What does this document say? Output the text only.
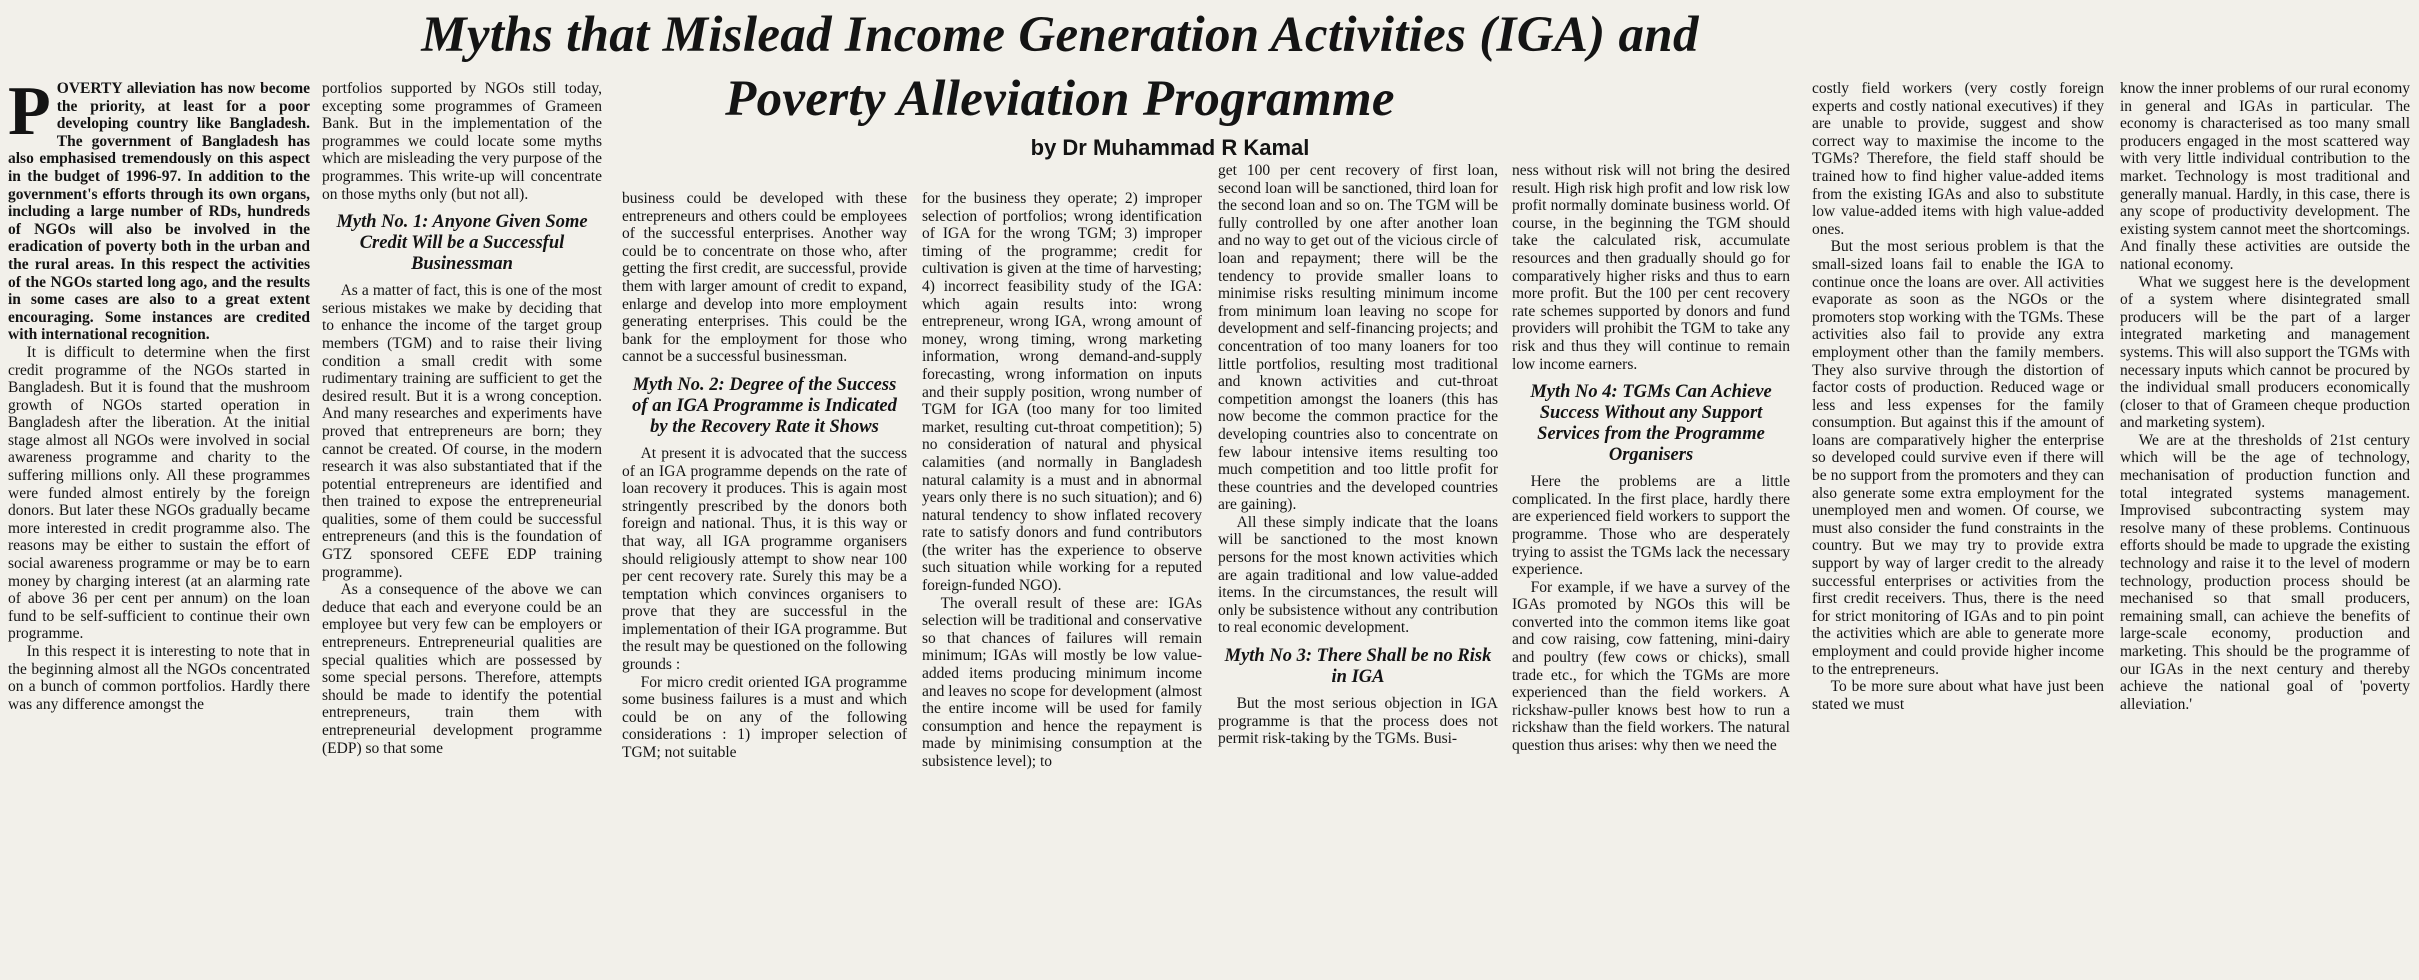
Myths that Mislead Income Generation Activities (IGA) and
Poverty Alleviation Programme
by Dr Muhammad R Kamal

POVERTY alleviation has now become the priority, at least for a poor developing country like Bangladesh. The government of Bangladesh has also emphasised tremendously on this aspect in the budget of 1996-97. In addition to the government's efforts through its own organs, including a large number of RDs, hundreds of NGOs will also be involved in the eradication of poverty both in the urban and the rural areas. In this respect the activities of the NGOs started long ago, and the results in some cases are also to a great extent encouraging. Some instances are credited with international recognition.

It is difficult to determine when the first credit programme of the NGOs started in Bangladesh. But it is found that the mushroom growth of NGOs started operation in Bangladesh after the liberation. At the initial stage almost all NGOs were involved in social awareness programme and charity to the suffering millions only. All these programmes were funded almost entirely by the foreign donors. But later these NGOs gradually became more interested in credit programme also. The reasons may be either to sustain the effort of social awareness programme or may be to earn money by charging interest (at an alarming rate of above 36 per cent per annum) on the loan fund to be self-sufficient to continue their own programme.

In this respect it is interesting to note that in the beginning almost all the NGOs concentrated on a bunch of common portfolios. Hardly there was any difference amongst the

portfolios supported by NGOs still today, excepting some programmes of Grameen Bank. But in the implementation of the programmes we could locate some myths which are misleading the very purpose of the programmes. This write-up will concentrate on those myths only (but not all).

Myth No. 1: Anyone Given Some Credit Will be a Successful Businessman

As a matter of fact, this is one of the most serious mistakes we make by deciding that to enhance the income of the target group members (TGM) and to raise their living condition a small credit with some rudimentary training are sufficient to get the desired result. But it is a wrong conception. And many researches and experiments have proved that entrepreneurs are born; they cannot be created. Of course, in the modern research it was also substantiated that if the potential entrepreneurs are identified and then trained to expose the entrepreneurial qualities, some of them could be successful entrepreneurs (and this is the foundation of GTZ sponsored CEFE EDP training programme).

As a consequence of the above we can deduce that each and everyone could be an employee but very few can be employers or entrepreneurs. Entrepreneurial qualities are special qualities which are possessed by some special persons. Therefore, attempts should be made to identify the potential entrepreneurs, train them with entrepreneurial development programme (EDP) so that some

business could be developed with these entrepreneurs and others could be employees of the successful enterprises. Another way could be to concentrate on those who, after getting the first credit, are successful, provide them with larger amount of credit to expand, enlarge and develop into more employment generating enterprises. This could be the bank for the employment for those who cannot be a successful businessman.

Myth No. 2: Degree of the Success of an IGA Programme is Indicated by the Recovery Rate it Shows

At present it is advocated that the success of an IGA programme depends on the rate of loan recovery it produces. This is again most stringently prescribed by the donors both foreign and national. Thus, it is this way or that way, all IGA programme organisers should religiously attempt to show near 100 per cent recovery rate. Surely this may be a temptation which convinces organisers to prove that they are successful in the implementation of their IGA programme. But the result may be questioned on the following grounds :

For micro credit oriented IGA programme some business failures is a must and which could be on any of the following considerations : 1) improper selection of TGM; not suitable

for the business they operate; 2) improper selection of portfolios; wrong identification of IGA for the wrong TGM; 3) improper timing of the programme; credit for cultivation is given at the time of harvesting; 4) incorrect feasibility study of the IGA: which again results into: wrong entrepreneur, wrong IGA, wrong amount of money, wrong timing, wrong marketing information, wrong demand-and-supply forecasting, wrong information on inputs and their supply position, wrong number of TGM for IGA (too many for too limited market, resulting cut-throat competition); 5) no consideration of natural and physical calamities (and normally in Bangladesh natural calamity is a must and in abnormal years only there is no such situation); and 6) natural tendency to show inflated recovery rate to satisfy donors and fund contributors (the writer has the experience to observe such situation while working for a reputed foreign-funded NGO).

The overall result of these are: IGAs selection will be traditional and conservative so that chances of failures will remain minimum; IGAs will mostly be low value-added items producing minimum income and leaves no scope for development (almost the entire income will be used for family consumption and hence the repayment is made by minimising consumption at the subsistence level); to

get 100 per cent recovery of first loan, second loan will be sanctioned, third loan for the second loan and so on. The TGM will be fully controlled by one after another loan and no way to get out of the vicious circle of loan and repayment; there will be the tendency to provide smaller loans to minimise risks resulting minimum income from minimum loan leaving no scope for development and self-financing projects; and concentration of too many loaners for too little portfolios, resulting most traditional and known activities and cut-throat competition amongst the loaners (this has now become the common practice for the developing countries also to concentrate on few labour intensive items resulting too much competition and too little profit for these countries and the developed countries are gaining).

All these simply indicate that the loans will be sanctioned to the most known persons for the most known activities which are again traditional and low value-added items. In the circumstances, the result will only be subsistence without any contribution to real economic development.

Myth No 3: There Shall be no Risk in IGA

But the most serious objection in IGA programme is that the process does not permit risk-taking by the TGMs. Busi-

ness without risk will not bring the desired result. High risk high profit and low risk low profit normally dominate business world. Of course, in the beginning the TGM should take the calculated risk, accumulate resources and then gradually should go for comparatively higher risks and thus to earn more profit. But the 100 per cent recovery rate schemes supported by donors and fund providers will prohibit the TGM to take any risk and thus they will continue to remain low income earners.

Myth No 4: TGMs Can Achieve Success Without any Support Services from the Programme Organisers

Here the problems are a little complicated. In the first place, hardly there are experienced field workers to support the programme. Those who are desperately trying to assist the TGMs lack the necessary experience.

For example, if we have a survey of the IGAs promoted by NGOs this will be converted into the common items like goat and cow raising, cow fattening, mini-dairy and poultry (few cows or chicks), small trade etc., for which the TGMs are more experienced than the field workers. A rickshaw-puller knows best how to run a rickshaw than the field workers. The natural question thus arises: why then we need the

costly field workers (very costly foreign experts and costly national executives) if they are unable to provide, suggest and show correct way to maximise the income to the TGMs? Therefore, the field staff should be trained how to find higher value-added items from the existing IGAs and also to substitute low value-added items with high value-added ones.

But the most serious problem is that the small-sized loans fail to enable the IGA to continue once the loans are over. All activities evaporate as soon as the NGOs or the promoters stop working with the TGMs. These activities also fail to provide any extra employment other than the family members. They also survive through the distortion of factor costs of production. Reduced wage or less and less expenses for the family consumption. But against this if the amount of loans are comparatively higher the enterprise so developed could survive even if there will be no support from the promoters and they can also generate some extra employment for the unemployed men and women. Of course, we must also consider the fund constraints in the country. But we may try to provide extra support by way of larger credit to the already successful enterprises or activities from the first credit receivers. Thus, there is the need for strict monitoring of IGAs and to pin point the activities which are able to generate more employment and could provide higher income to the entrepreneurs.

To be more sure about what have just been stated we must

know the inner problems of our rural economy in general and IGAs in particular. The economy is characterised as too many small producers engaged in the most scattered way with very little individual contribution to the market. Technology is most traditional and generally manual. Hardly, in this case, there is any scope of productivity development. The existing system cannot meet the shortcomings. And finally these activities are outside the national economy.

What we suggest here is the development of a system where disintegrated small producers will be the part of a larger integrated marketing and management systems. This will also support the TGMs with necessary inputs which cannot be procured by the individual small producers economically (closer to that of Grameen cheque production and marketing system).

We are at the thresholds of 21st century which will be the age of technology, mechanisation of production function and total integrated systems management. Improvised subcontracting system may resolve many of these problems. Continuous efforts should be made to upgrade the existing technology and raise it to the level of modern technology, production process should be mechanised so that small producers, remaining small, can achieve the benefits of large-scale economy, production and marketing. This should be the programme of our IGAs in the next century and thereby achieve the national goal of 'poverty alleviation.'
